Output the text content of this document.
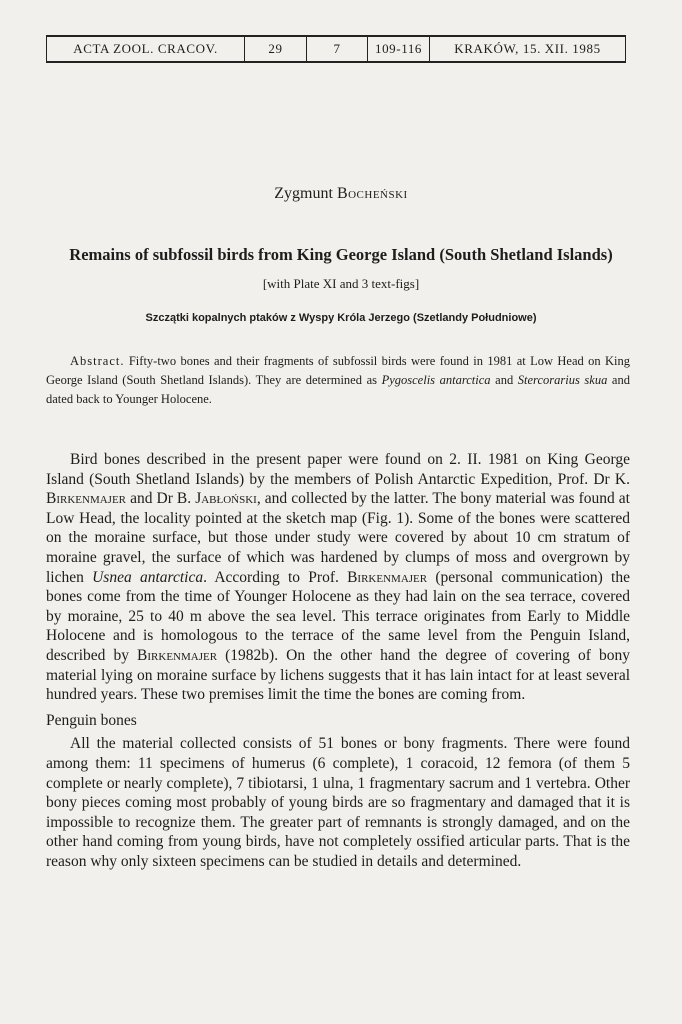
ACTA ZOOL. CRACOV.	29	7	109-116	KRAKÓW, 15. XII. 1985
Zygmunt Bocheński
Remains of subfossil birds from King George Island (South Shetland Islands)
[with Plate XI and 3 text-figs]
Szczątki kopalnych ptaków z Wyspy Króla Jerzego (Szetlandy Południowe)

Abstract. Fifty-two bones and their fragments of subfossil birds were found in 1981 at Low Head on King George Island (South Shetland Islands). They are determined as Pygoscelis antarctica and Stercorarius skua and dated back to Younger Holocene.

Bird bones described in the present paper were found on 2. II. 1981 on King George Island (South Shetland Islands) by the members of Polish Antarctic Expedition, Prof. Dr K. Birkenmajer and Dr B. Jabłoński, and collected by the latter. The bony material was found at Low Head, the locality pointed at the sketch map (Fig. 1). Some of the bones were scattered on the moraine surface, but those under study were covered by about 10 cm stratum of moraine gravel, the surface of which was hardened by clumps of moss and overgrown by lichen Usnea antarctica. According to Prof. Birkenmajer (personal communication) the bones come from the time of Younger Holocene as they had lain on the sea terrace, covered by moraine, 25 to 40 m above the sea level. This terrace originates from Early to Middle Holocene and is homologous to the terrace of the same level from the Penguin Island, described by Birkenmajer (1982b). On the other hand the degree of covering of bony material lying on moraine surface by lichens suggests that it has lain intact for at least several hundred years. These two premises limit the time the bones are coming from.

Penguin bones

All the material collected consists of 51 bones or bony fragments. There were found among them: 11 specimens of humerus (6 complete), 1 coracoid, 12 femora (of them 5 complete or nearly complete), 7 tibiotarsi, 1 ulna, 1 fragmentary sacrum and 1 vertebra. Other bony pieces coming most probably of young birds are so fragmentary and damaged that it is impossible to recognize them. The greater part of remnants is strongly damaged, and on the other hand coming from young birds, have not completely ossified articular parts. That is the reason why only sixteen specimens can be studied in details and determined.
